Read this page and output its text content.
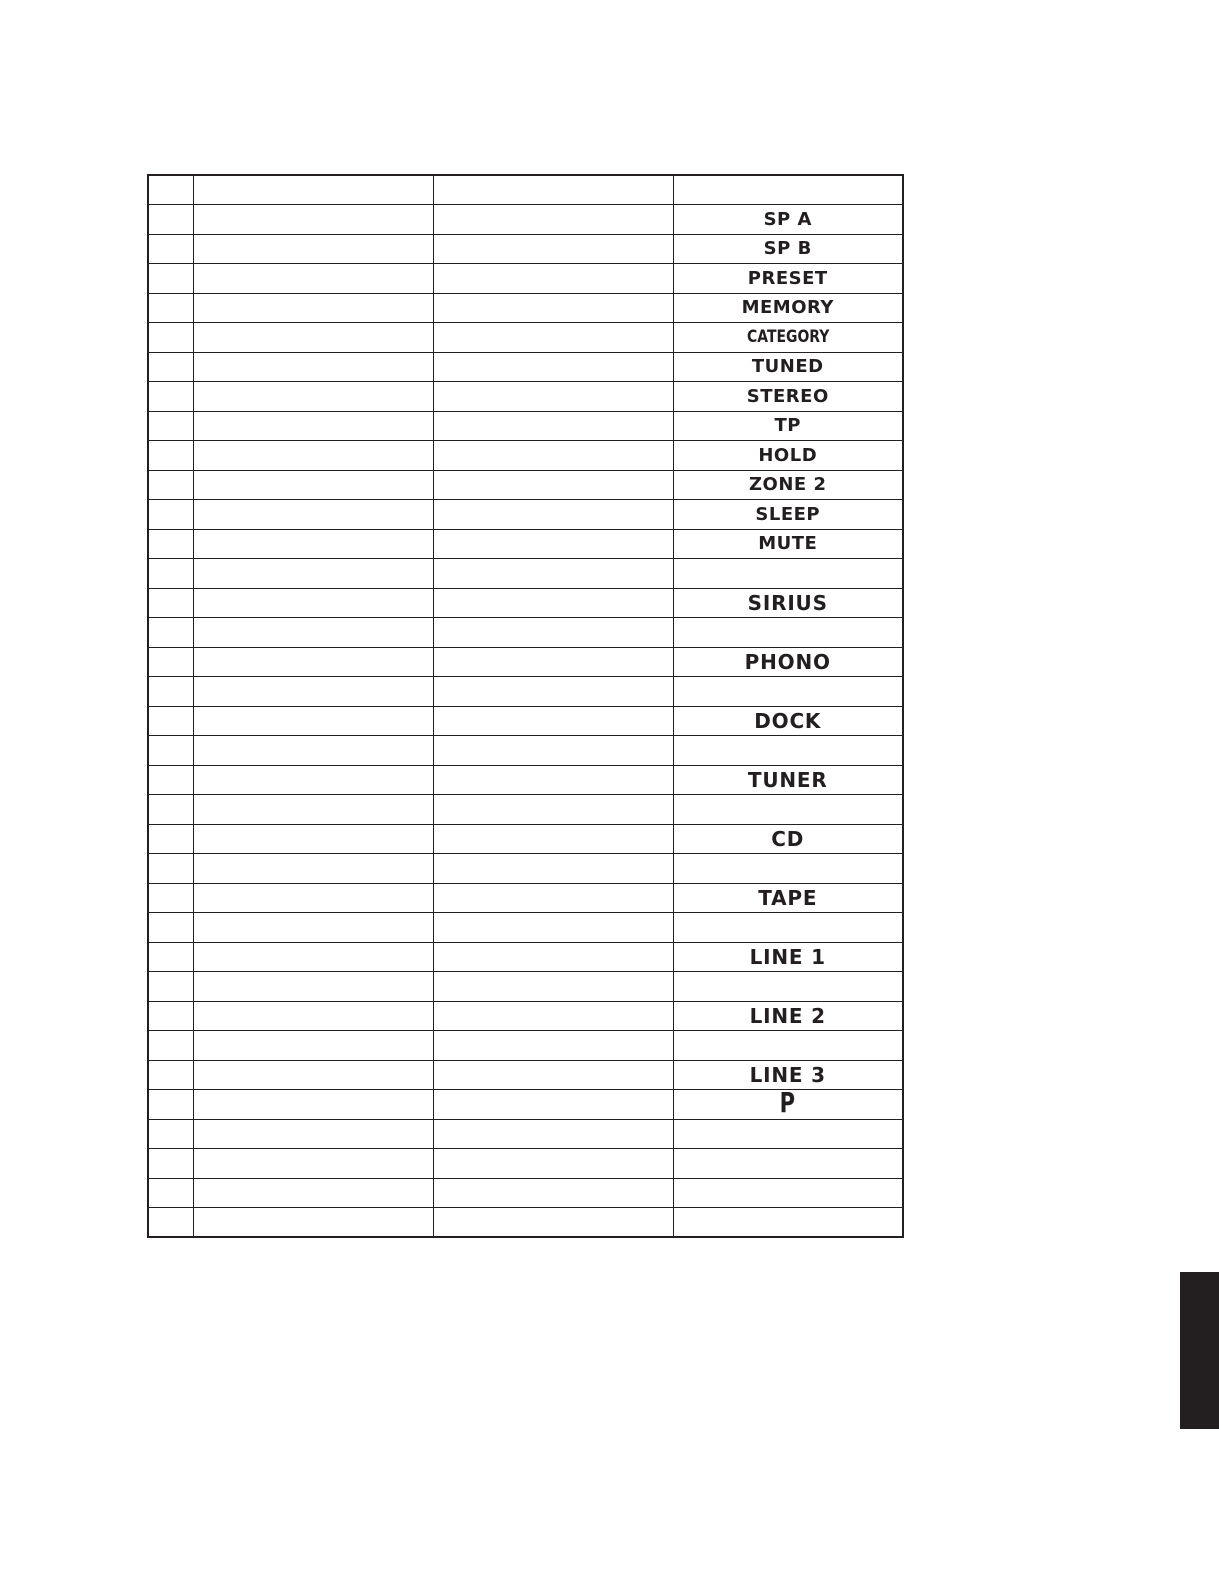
			SP A
			SP B
			PRESET
			MEMORY
			CATEGORY
			TUNED
			STEREO
			TP
			HOLD
			ZONE 2
			SLEEP
			MUTE

			SIRIUS

			PHONO

			DOCK

			TUNER

			CD

			TAPE

			LINE 1

			LINE 2

			LINE 3
			P
